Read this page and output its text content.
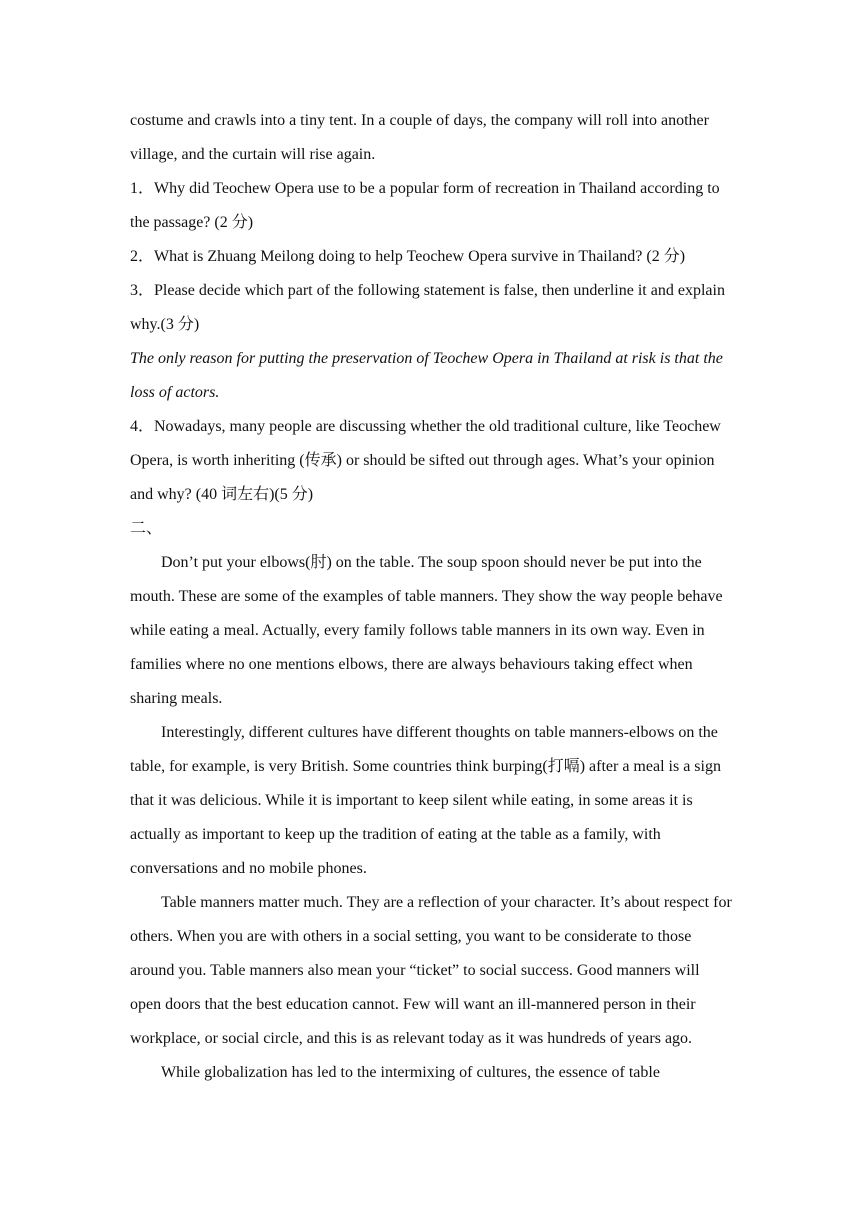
costume and crawls into a tiny tent. In a couple of days, the company will roll into another village, and the curtain will rise again.

1．Why did Teochew Opera use to be a popular form of recreation in Thailand according to the passage? (2 分)

2．What is Zhuang Meilong doing to help Teochew Opera survive in Thailand? (2 分)

3．Please decide which part of the following statement is false, then underline it and explain why.(3 分)

The only reason for putting the preservation of Teochew Opera in Thailand at risk is that the loss of actors.

4．Nowadays, many people are discussing whether the old traditional culture, like Teochew Opera, is worth inheriting (传承) or should be sifted out through ages. What’s your opinion and why? (40 词左右)(5 分)

二、

Don’t put your elbows(肘) on the table. The soup spoon should never be put into the mouth. These are some of the examples of table manners. They show the way people behave while eating a meal. Actually, every family follows table manners in its own way. Even in families where no one mentions elbows, there are always behaviours taking effect when sharing meals.

Interestingly, different cultures have different thoughts on table manners-elbows on the table, for example, is very British. Some countries think burping(打嗝) after a meal is a sign that it was delicious. While it is important to keep silent while eating, in some areas it is actually as important to keep up the tradition of eating at the table as a family, with conversations and no mobile phones.

Table manners matter much. They are a reflection of your character. It’s about respect for others. When you are with others in a social setting, you want to be considerate to those around you. Table manners also mean your “ticket” to social success. Good manners will open doors that the best education cannot. Few will want an ill-mannered person in their workplace, or social circle, and this is as relevant today as it was hundreds of years ago.

While globalization has led to the intermixing of cultures, the essence of table
